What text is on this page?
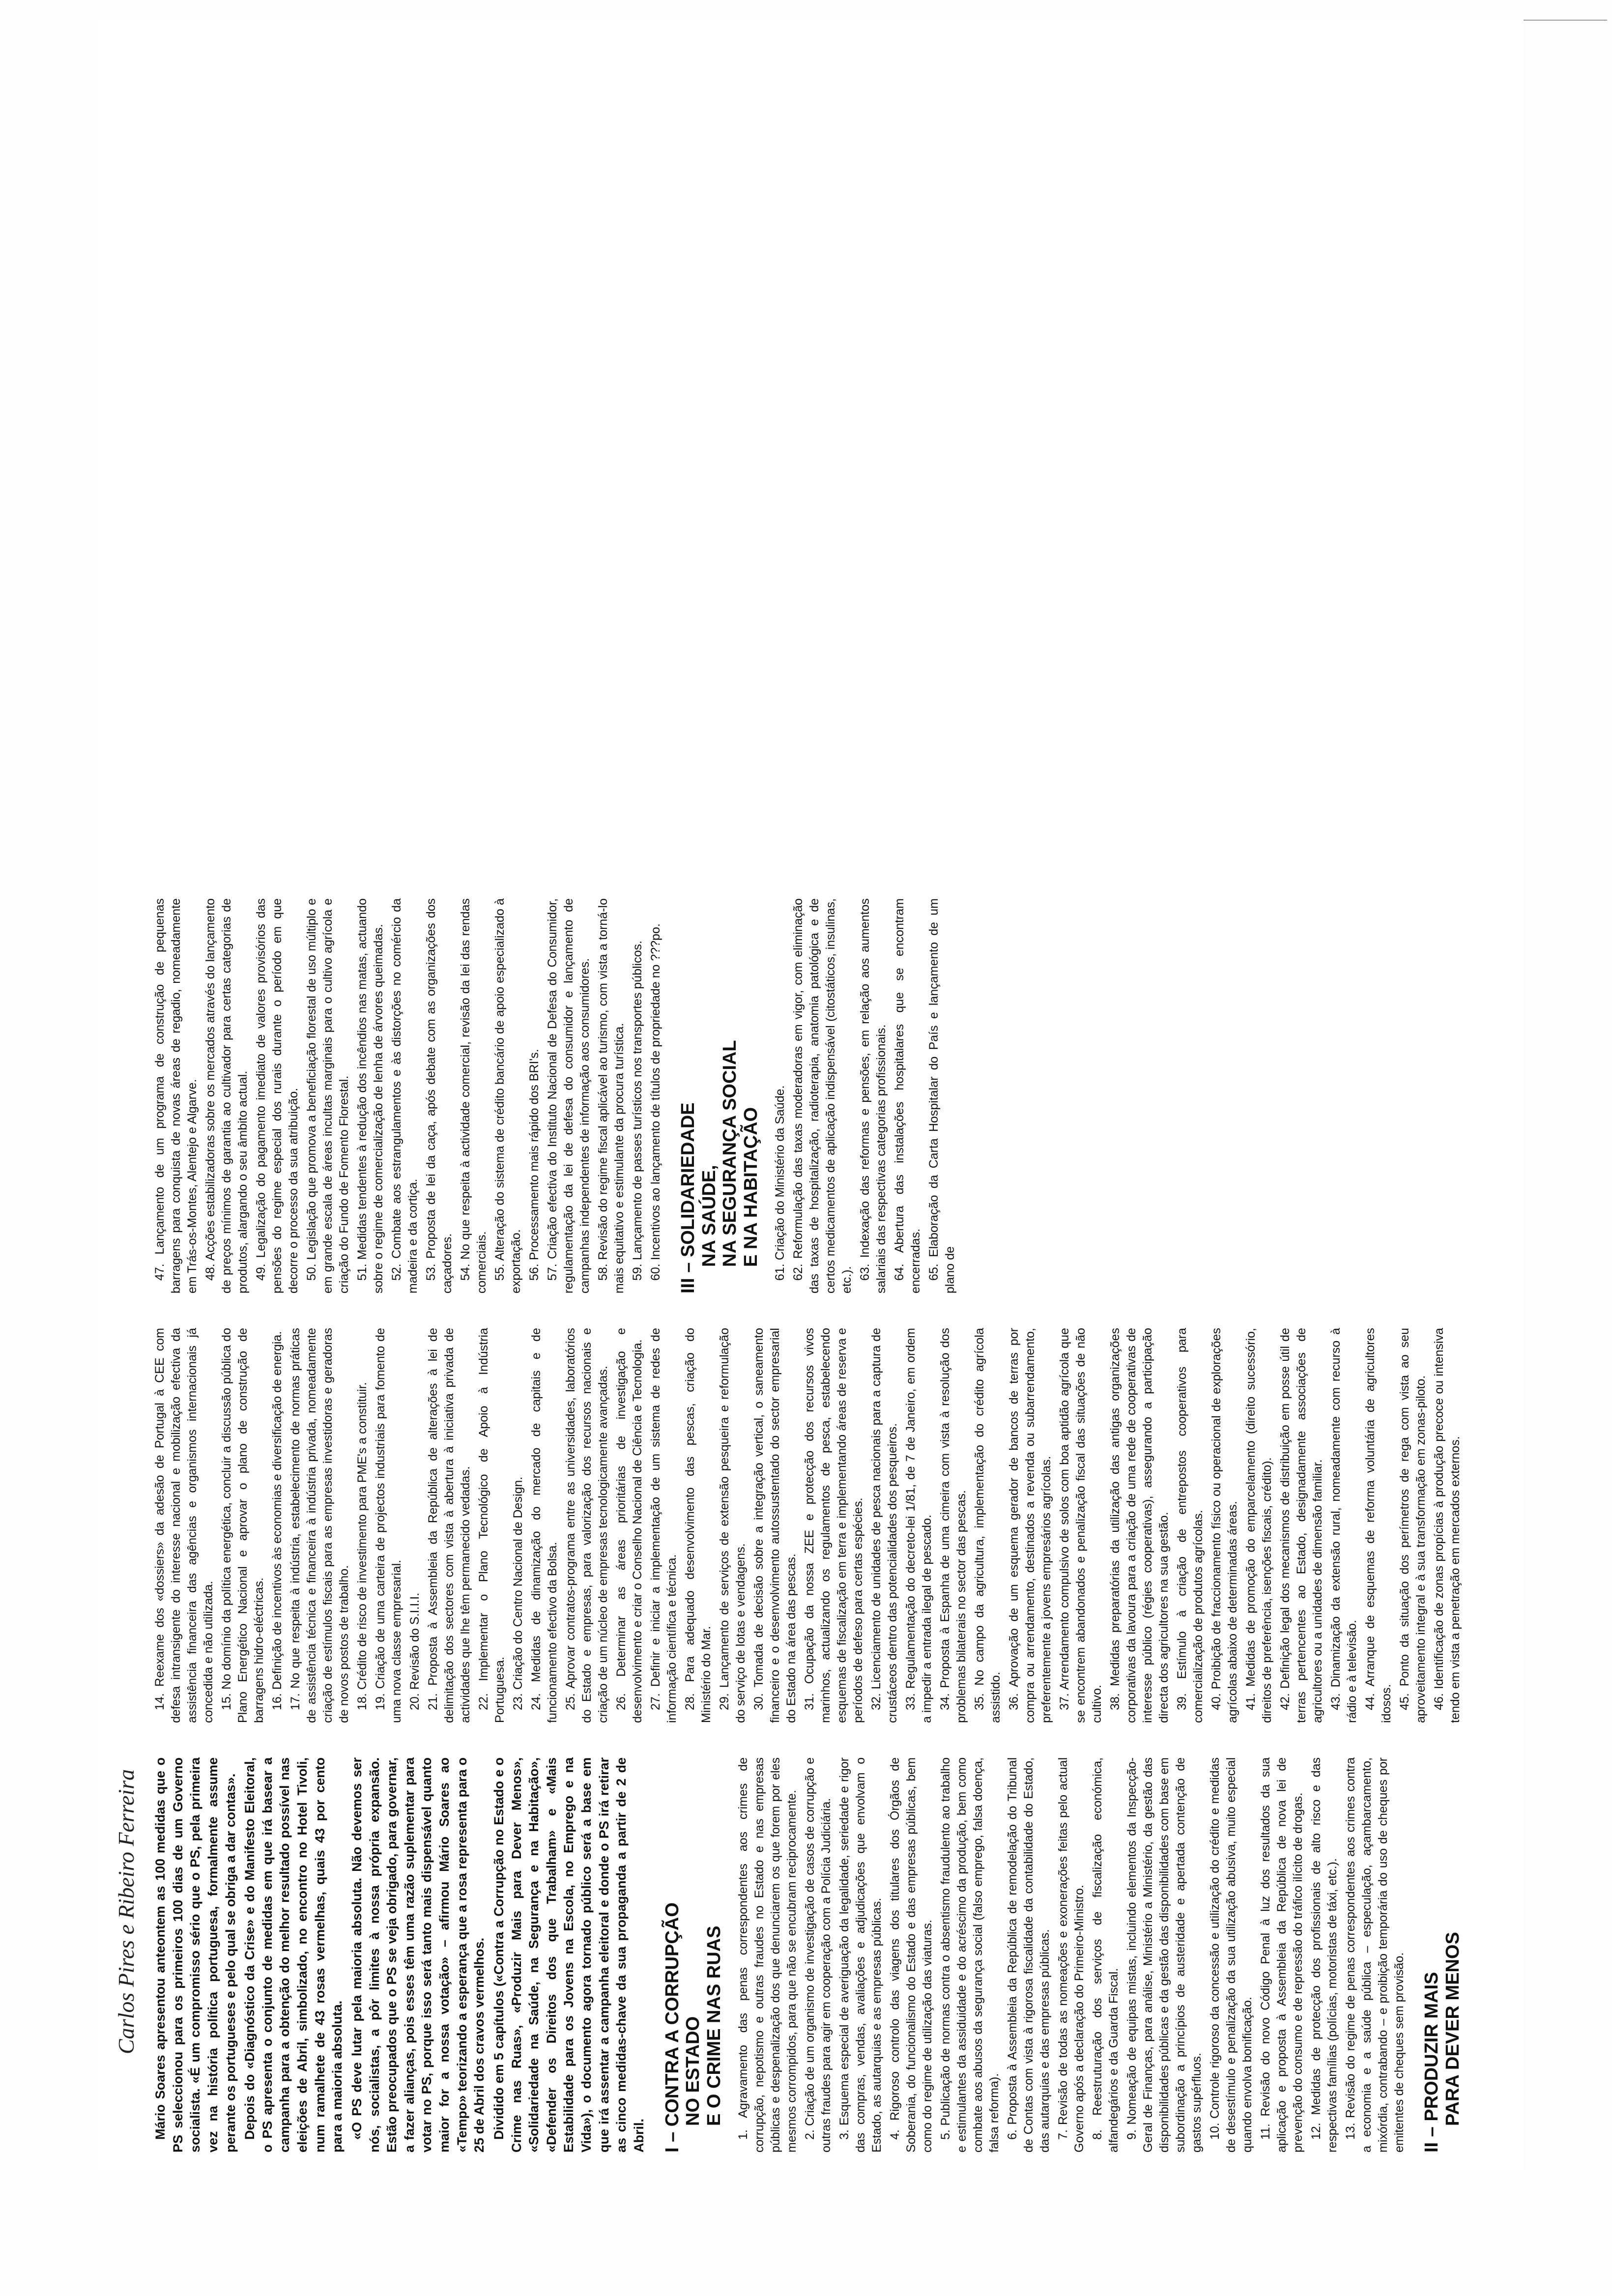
Carlos Pires e Ribeiro Ferreira Mário Soares apresentou anteontem as 100 medidas que o PS seleccionou para os primeiros 100 dias de um Governo socialista. «É um compromisso sério que o PS, pela primeira vez na história política portuguesa, formalmente assume perante os portugueses e pelo qual se obriga a dar contas». Depois do «Diagnóstico da Crise» e do Manifesto Eleitoral, o PS apresenta o conjunto de medidas em que irá basear a campanha para a obtenção do melhor resultado possível nas eleições de Abril, simbolizado, no encontro no Hotel Tivoli, num ramalhete de 43 rosas vermelhas, quais 43 por cento para a maioria absoluta. «O PS deve lutar pela maioria absoluta. Não devemos ser nós, socialistas, a pôr limites à nossa própria expansão. Estão preocupados que o PS se veja obrigado, para governar, a fazer alianças, pois esses têm uma razão suplementar para votar no PS, porque isso será tanto mais dispensável quanto maior for a nossa votação» – afirmou Mário Soares ao «Tempo» teorizando a esperança que a rosa representa para o 25 de Abril dos cravos vermelhos. Dividido em 5 capítulos («Contra a Corrupção no Estado e o Crime nas Ruas», «Produzir Mais para Dever Menos», «Solidariedade na Saúde, na Segurança e na Habitação», «Defender os Direitos dos que Trabalham» e «Mais Estabilidade para os Jovens na Escola, no Emprego e na Vida»), o documento agora tornado público será a base em que irá assentar a campanha eleitoral e donde o PS irá retirar as cinco medidas-chave da sua propaganda a partir de 2 de Abril. I – CONTRA A CORRUPÇÃO NO ESTADO E O CRIME NAS RUAS 1. Agravamento das penas correspondentes aos crimes de corrupção, nepotismo e outras fraudes no Estado e nas empresas públicas e despenalização dos que denunciarem os que forem por eles mesmos corrompidos, para que não se encubram reciprocamente. 2. Criação de um organismo de investigação de casos de corrupção e outras fraudes para agir em cooperação com a Polícia Judiciária. 3. Esquema especial de averiguação da legalidade, seriedade e rigor das compras, vendas, avaliações e adjudicações que envolvam o Estado, as autarquias e as empresas públicas. 4. Rigoroso controlo das viagens dos titulares dos Órgãos de Soberania, do funcionalismo do Estado e das empresas públicas, bem como do regime de utilização das viaturas. 5. Publicação de normas contra o absentismo fraudulento ao trabalho e estimulantes da assiduidade e do acréscimo da produção, bem como combate aos abusos da segurança social (falso emprego, falsa doença, falsa reforma). 6. Proposta à Assembleia da República de remodelação do Tribunal de Contas com vista à rigorosa fiscalidade da contabilidade do Estado, das autarquias e das empresas públicas. 7. Revisão de todas as nomeações e exonerações feitas pelo actual Governo após a declaração do Primeiro-Ministro. 8. Reestruturação dos serviços de fiscalização económica, alfandegários e da Guarda Fiscal. 9. Nomeação de equipas mistas, incluindo elementos da Inspecção-Geral de Finanças, para análise, Ministério a Ministério, da gestão das disponibilidades públicas e da gestão das disponibilidades com base em subordinação a princípios de austeridade e apertada contenção de gastos supérfluos. 10. Controle rigoroso da concessão e utilização do crédito e medidas de desestímulo e penalização da sua utilização abusiva, muito especial quando envolva bonificação. 11. Revisão do novo Código Penal à luz dos resultados da sua aplicação e proposta à Assembleia da República de nova lei de prevenção do consumo e de repressão do tráfico ilícito de drogas. 12. Medidas de protecção dos profissionais de alto risco e das respectivas famílias (polícias, motoristas de táxi, etc.). 13. Revisão do regime de penas correspondentes aos crimes contra a economia e a saúde pública – especulação, açambarcamento, mixórdia, contrabando – e proibição temporária do uso de cheques por emitentes de cheques sem provisão. II – PRODUZIR MAIS PARA DEVER MENOS

14. Reexame dos «dossiers» da adesão de Portugal à CEE com defesa intransigente do interesse nacional e mobilização efectiva da assistência financeira das agências e organismos internacionais já concedida e não utilizada. 15. No domínio da política energética, concluir a discussão pública do Plano Energético Nacional e aprovar o plano de construção de barragens hidro-eléctricas. 16. Definição de incentivos às economias e diversificação de energia. 17. No que respeita à indústria, estabelecimento de normas práticas de assistência técnica e financeira à indústria privada, nomeadamente criação de estímulos fiscais para as empresas investidoras e geradoras de novos postos de trabalho. 18. Crédito de risco de investimento para PME's a constituir. 19. Criação de uma carteira de projectos industriais para fomento de uma nova classe empresarial. 20. Revisão do S.I.I.I. 21. Proposta à Assembleia da República de alterações à lei de delimitação dos sectores com vista à abertura à iniciativa privada de actividades que lhe têm permanecido vedadas. 22. Implementar o Plano Tecnológico de Apoio à Indústria Portuguesa. 23. Criação do Centro Nacional de Design. 24. Medidas de dinamização do mercado de capitais e de funcionamento efectivo da Bolsa. 25. Aprovar contratos-programa entre as universidades, laboratórios do Estado e empresas, para valorização dos recursos nacionais e criação de um núcleo de empresas tecnologicamente avançadas. 26. Determinar as áreas prioritárias de investigação e desenvolvimento e criar o Conselho Nacional de Ciência e Tecnologia. 27. Definir e iniciar a implementação de um sistema de redes de informação científica e técnica. 28. Para adequado desenvolvimento das pescas, criação do Ministério do Mar. 29. Lançamento de serviços de extensão pesqueira e reformulação do serviço de lotas e vendagens. 30. Tomada de decisão sobre a integração vertical, o saneamento financeiro e o desenvolvimento autossustentado do sector empresarial do Estado na área das pescas. 31. Ocupação da nossa ZEE e protecção dos recursos vivos marinhos, actualizando os regulamentos de pesca, estabelecendo esquemas de fiscalização em terra e implementando áreas de reserva e períodos de defeso para certas espécies. 32. Licenciamento de unidades de pesca nacionais para a captura de crustáceos dentro das potencialidades dos pesqueiros. 33. Regulamentação do decreto-lei 1/81, de 7 de Janeiro, em ordem a impedir a entrada ilegal de pescado. 34. Proposta à Espanha de uma cimeira com vista à resolução dos problemas bilaterais no sector das pescas. 35. No campo da agricultura, implementação do crédito agrícola assistido. 36. Aprovação de um esquema gerador de bancos de terras por compra ou arrendamento, destinados a revenda ou subarrendamento, preferentemente a jovens empresários agrícolas. 37. Arrendamento compulsivo de solos com boa aptidão agrícola que se encontrem abandonados e penalização fiscal das situações de não cultivo. 38. Medidas preparatórias da utilização das antigas organizações corporativas da lavoura para a criação de uma rede de cooperativas de interesse público (régies cooperativas), assegurando a participação directa dos agricultores na sua gestão. 39. Estímulo à criação de entrepostos cooperativos para comercialização de produtos agrícolas. 40. Proibição de fraccionamento físico ou operacional de explorações agrícolas abaixo de determinadas áreas. 41. Medidas de promoção do emparcelamento (direito sucessório, direitos de preferência, isenções fiscais, crédito). 42. Definição legal dos mecanismos de distribuição em posse útil de terras pertencentes ao Estado, designadamente associações de agricultores ou a unidades de dimensão familiar. 43. Dinamização da extensão rural, nomeadamente com recurso à rádio e à televisão. 44. Arranque de esquemas de reforma voluntária de agricultores idosos. 45. Ponto da situação dos perímetros de rega com vista ao seu aproveitamento integral e à sua transformação em zonas-piloto. 46. Identificação de zonas propícias à produção precoce ou intensiva tendo em vista a penetração em mercados externos.

47. Lançamento de um programa de construção de pequenas barragens para conquista de novas áreas de regadio, nomeadamente em Trás-os-Montes, Alentejo e Algarve. 48. Acções estabilizadoras sobre os mercados através do lançamento de preços mínimos de garantia ao cultivador para certas categorias de produtos, alargando o seu âmbito actual. 49. Legalização do pagamento imediato de valores provisórios das pensões do regime especial dos rurais durante o período em que decorre o processo da sua atribuição. 50. Legislação que promova a beneficiação florestal de uso múltiplo e em grande escala de áreas incultas marginais para o cultivo agrícola e criação do Fundo de Fomento Florestal. 51. Medidas tendentes à redução dos incêndios nas matas, actuando sobre o regime de comercialização de lenha de árvores queimadas. 52. Combate aos estrangulamentos e às distorções no comércio da madeira e da cortiça. 53. Proposta de lei da caça, após debate com as organizações dos caçadores. 54. No que respeita à actividade comercial, revisão da lei das rendas comerciais. 55. Alteração do sistema de crédito bancário de apoio especializado à exportação. 56. Processamento mais rápido dos BRI's. 57. Criação efectiva do Instituto Nacional de Defesa do Consumidor, regulamentação da lei de defesa do consumidor e lançamento de campanhas independentes de informação aos consumidores. 58. Revisão do regime fiscal aplicável ao turismo, com vista a torná-lo mais equitativo e estimulante da procura turística. 59. Lançamento de passes turísticos nos transportes públicos. 60. Incentivos ao lançamento de títulos de propriedade no ???po. III – SOLIDARIEDADE NA SAÚDE, NA SEGURANÇA SOCIAL E NA HABITAÇÃO 61. Criação do Ministério da Saúde. 62. Reformulação das taxas moderadoras em vigor, com eliminação das taxas de hospitalização, radioterapia, anatomia patológica e de certos medicamentos de aplicação indispensável (citostáticos, insulinas, etc.). 63. Indexação das reformas e pensões, em relação aos aumentos salariais das respectivas categorias profissionais. 64. Abertura das instalações hospitalares que se encontram encerradas. 65. Elaboração da Carta Hospitalar do País e lançamento de um plano de
